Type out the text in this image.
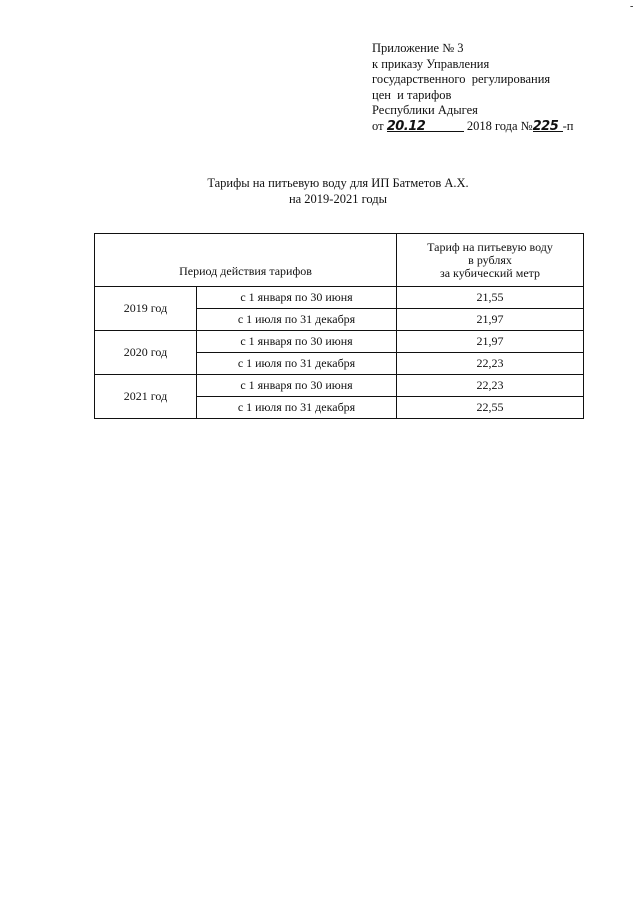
-
Приложение № 3
к приказу Управления
государственного  регулирования
цен  и тарифов
Республики Адыгея
от 20.12	2018 года №225 -п
Тарифы на питьевую воду для ИП Батметов А.Х.
на 2019-2021 годы
Период действия тарифов		Тариф на питьевую воду
в рублях
за кубический метр

2019 год	с 1 января по 30 июня	21,55
	с 1 июля по 31 декабря	21,97
2020 год	с 1 января по 30 июня	21,97
	с 1 июля по 31 декабря	22,23
2021 год	с 1 января по 30 июня	22,23
	с 1 июля по 31 декабря	22,55
